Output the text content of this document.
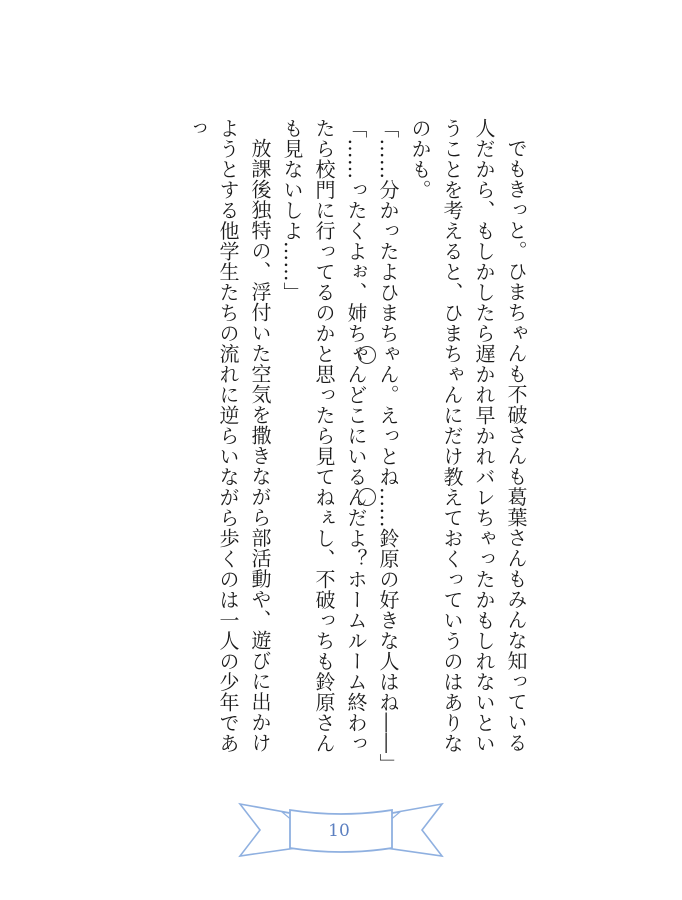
でもきっと。ひまちゃんも不破さんも葛葉さんもみんな知っている人だから、もしかしたら遅かれ早かれバレちゃったかもしれないということを考えると、ひまちゃんにだけ教えておくっていうのはありなのかも。

「……分かったよひまちゃん。えっとね……鈴原の好きな人はね――」

「……ったくよぉ、姉ちゃんどこにいるんだよ？ホームルーム終わったら校門に行ってるのかと思ったら見てねぇし、不破っちも鈴原さんも見ないしよ……」

放課後独特の、浮付いた空気を撒きながら部活動や、遊びに出かけようとする他学生たちの流れに逆らいながら歩くのは一人の少年であっ

10
